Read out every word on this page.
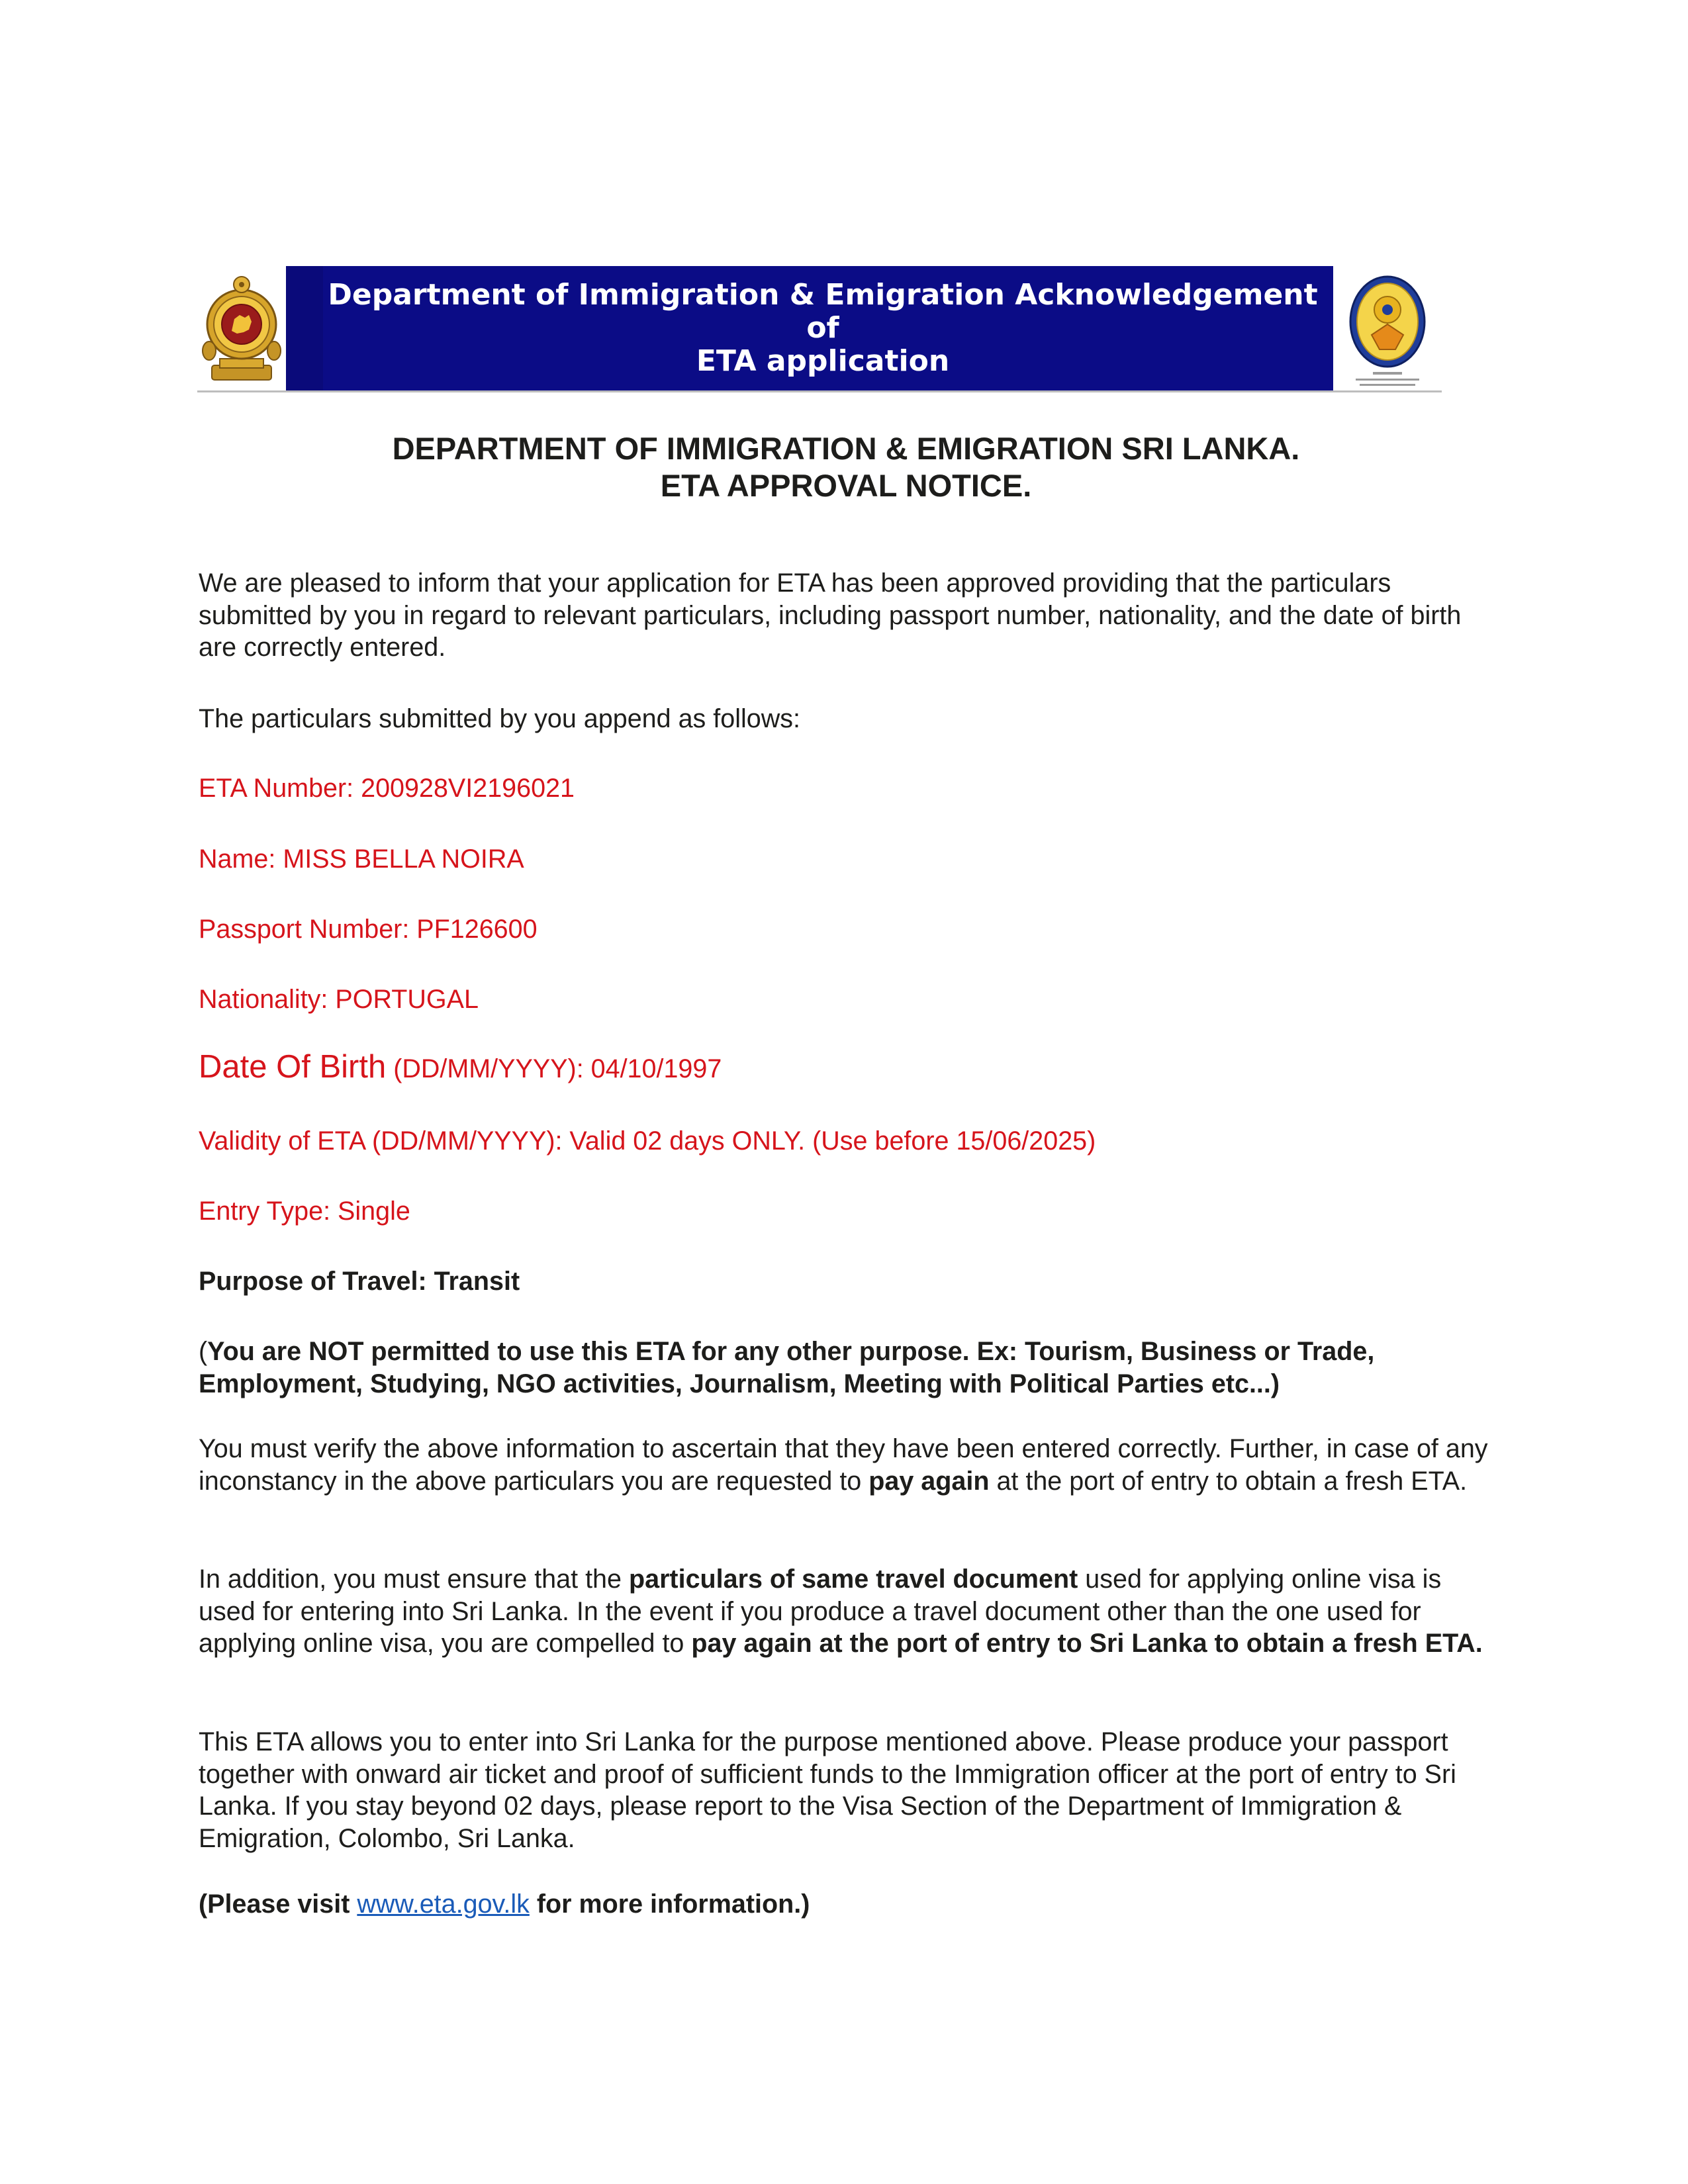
Department of Immigration & Emigration Acknowledgement of
ETA application
DEPARTMENT OF IMMIGRATION & EMIGRATION SRI LANKA.
ETA APPROVAL NOTICE.
We are pleased to inform that your application for ETA has been approved providing that the particulars submitted by you in regard to relevant particulars, including passport number, nationality, and the date of birth are correctly entered.
The particulars submitted by you append as follows:
ETA Number: 200928VI2196021
Name: MISS BELLA NOIRA
Passport Number: PF126600
Nationality: PORTUGAL
Date Of Birth (DD/MM/YYYY): 04/10/1997
Validity of ETA (DD/MM/YYYY): Valid 02 days ONLY. (Use before 15/06/2025)
Entry Type: Single
Purpose of Travel: Transit
(You are NOT permitted to use this ETA for any other purpose. Ex: Tourism, Business or Trade, Employment, Studying, NGO activities, Journalism, Meeting with Political Parties etc...)
You must verify the above information to ascertain that they have been entered correctly. Further, in case of any inconstancy in the above particulars you are requested to pay again at the port of entry to obtain a fresh ETA.
In addition, you must ensure that the particulars of same travel document used for applying online visa is used for entering into Sri Lanka. In the event if you produce a travel document other than the one used for applying online visa, you are compelled to pay again at the port of entry to Sri Lanka to obtain a fresh ETA.
This ETA allows you to enter into Sri Lanka for the purpose mentioned above. Please produce your passport together with onward air ticket and proof of sufficient funds to the Immigration officer at the port of entry to Sri Lanka. If you stay beyond 02 days, please report to the Visa Section of the Department of Immigration & Emigration, Colombo, Sri Lanka.
(Please visit www.eta.gov.lk for more information.)
